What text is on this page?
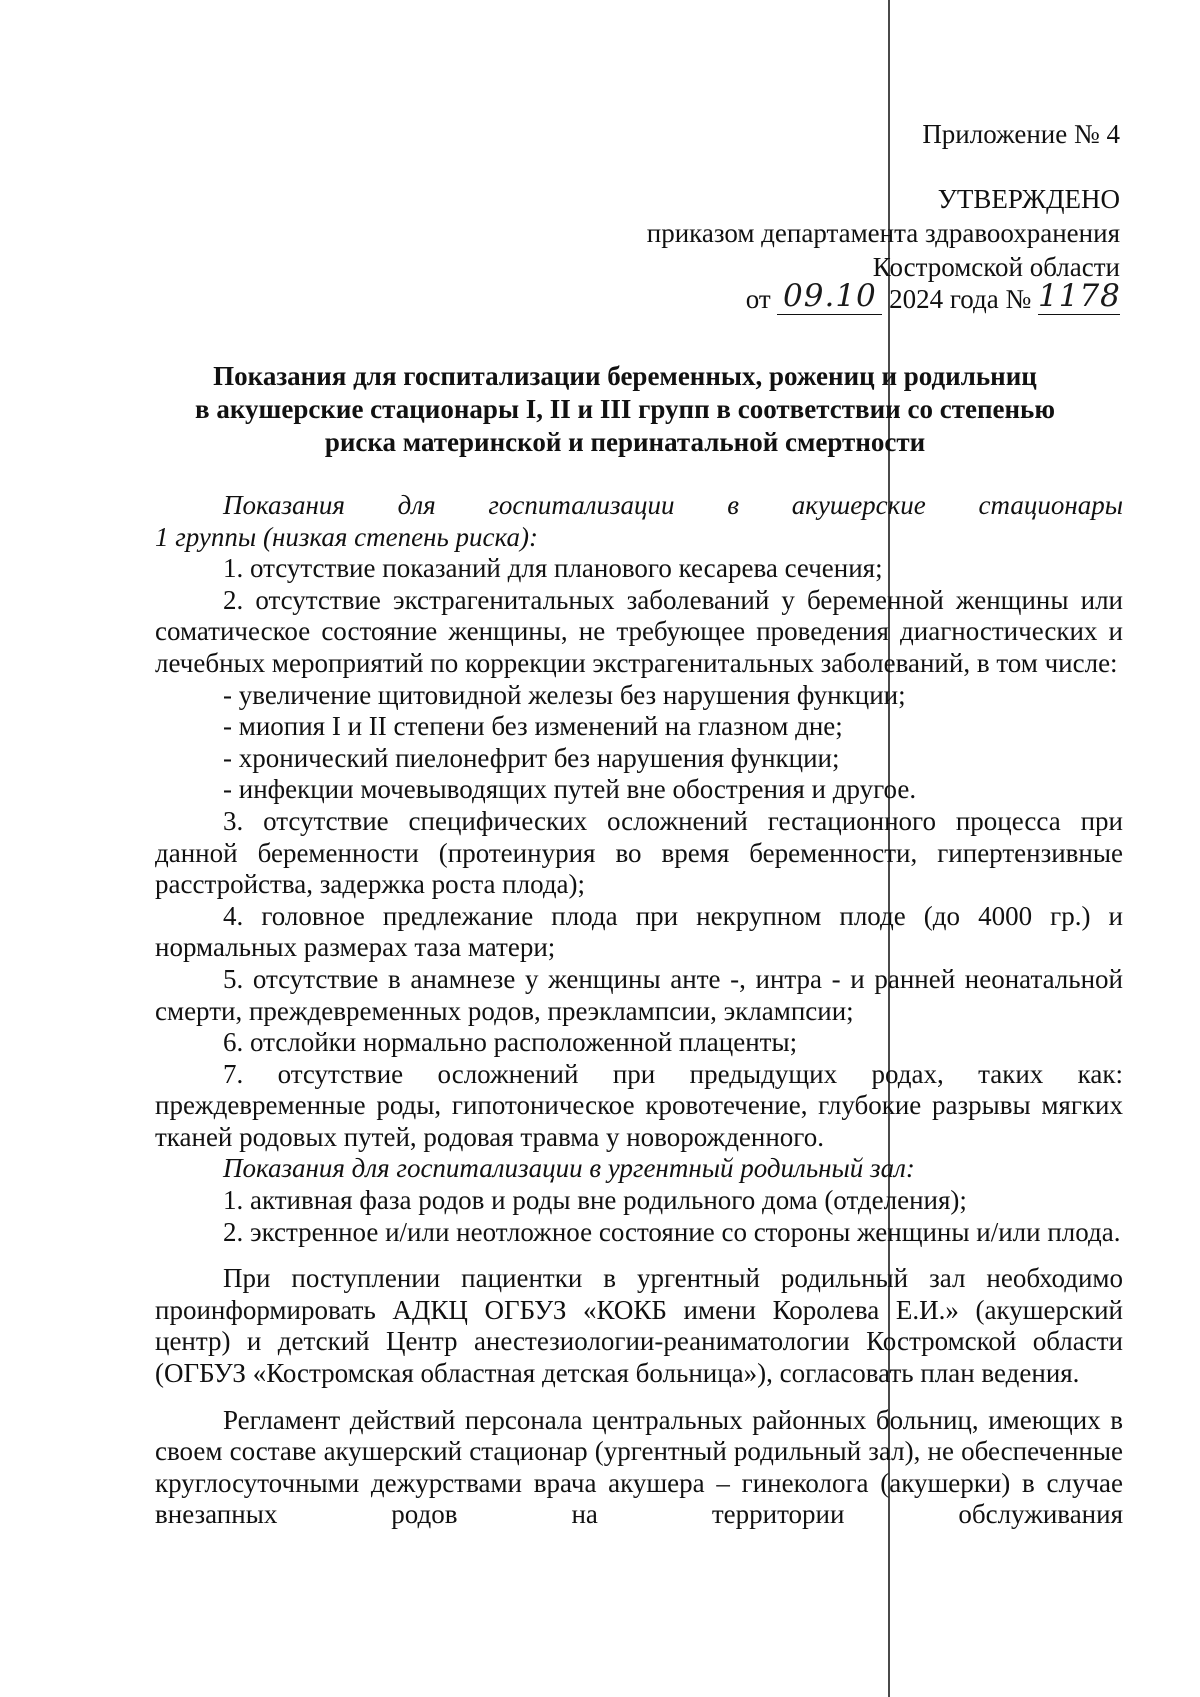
Приложение № 4
УТВЕРЖДЕНО
приказом департамента здравоохранения
Костромской области
от 09.10 2024 года № 1178
Показания для госпитализации беременных, рожениц и родильниц
в акушерские стационары I, II и III групп в соответствии со степенью
риска материнской и перинатальной смертности

Показания для госпитализации в акушерские стационары

1 группы (низкая степень риска):

1. отсутствие показаний для планового кесарева сечения;

2. отсутствие экстрагенитальных заболеваний у беременной женщины или соматическое состояние женщины, не требующее проведения диагностических и лечебных мероприятий по коррекции экстрагенитальных заболеваний, в том числе:

- увеличение щитовидной железы без нарушения функции;

- миопия I и II степени без изменений на глазном дне;

- хронический пиелонефрит без нарушения функции;

- инфекции мочевыводящих путей вне обострения и другое.

3. отсутствие специфических осложнений гестационного процесса при данной беременности (протеинурия во время беременности, гипертензивные расстройства, задержка роста плода);

4. головное предлежание плода при некрупном плоде (до 4000 гр.) и нормальных размерах таза матери;

5. отсутствие в анамнезе у женщины анте -, интра - и ранней неонатальной смерти, преждевременных родов, преэклампсии, эклампсии;

6. отслойки нормально расположенной плаценты;

7. отсутствие осложнений при предыдущих родах, таких как: преждевременные роды, гипотоническое кровотечение, глубокие разрывы мягких тканей родовых путей, родовая травма у новорожденного.

Показания для госпитализации в ургентный родильный зал:

1. активная фаза родов и роды вне родильного дома (отделения);

2. экстренное и/или неотложное состояние со стороны женщины и/или плода.

При поступлении пациентки в ургентный родильный зал необходимо проинформировать АДКЦ ОГБУЗ «КОКБ имени Королева Е.И.» (акушерский центр) и детский Центр анестезиологии-реаниматологии Костромской области (ОГБУЗ «Костромская областная детская больница»), согласовать план ведения.

Регламент действий персонала центральных районных больниц, имеющих в своем составе акушерский стационар (ургентный родильный зал), не обеспеченные круглосуточными дежурствами врача акушера – гинеколога (акушерки) в случае внезапных родов на территории обслуживания
